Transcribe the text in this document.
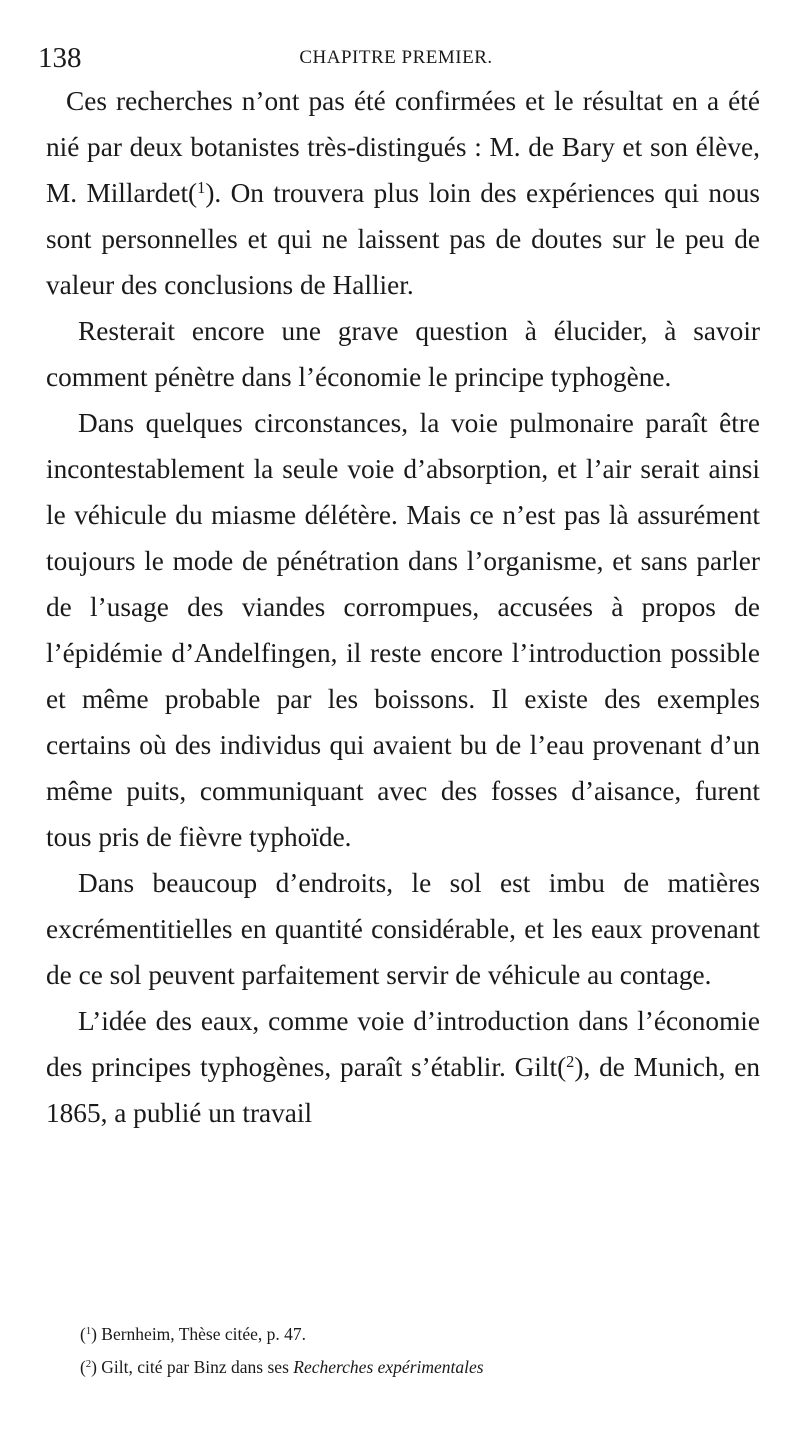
138	CHAPITRE PREMIER.

Ces recherches n’ont pas été confirmées et le résultat en a été nié par deux botanistes très-distingués : M. de Bary et son élève, M. Millardet($^1$). On trouvera plus loin des expériences qui nous sont personnelles et qui ne laissent pas de doutes sur le peu de valeur des conclusions de Hallier.

Resterait encore une grave question à élucider, à savoir comment pénètre dans l’économie le principe typhogène.

Dans quelques circonstances, la voie pulmonaire paraît être incontestablement la seule voie d’absorption, et l’air serait ainsi le véhicule du miasme délétère. Mais ce n’est pas là assurément toujours le mode de pénétration dans l’organisme, et sans parler de l’usage des viandes corrompues, accusées à propos de l’épidémie d’Andelfingen, il reste encore l’introduction possible et même probable par les boissons. Il existe des exemples certains où des individus qui avaient bu de l’eau provenant d’un même puits, communiquant avec des fosses d’aisance, furent tous pris de fièvre typhoïde.

Dans beaucoup d’endroits, le sol est imbu de matières excrémentitielles en quantité considérable, et les eaux provenant de ce sol peuvent parfaitement servir de véhicule au contage.

L’idée des eaux, comme voie d’introduction dans l’économie des principes typhogènes, paraît s’établir. Gilt($^2$), de Munich, en 1865, a publié un travail

($^1$) Bernheim, Thèse citée, p. 47.

($^2$) Gilt, cité par Binz dans ses Recherches expérimentales
